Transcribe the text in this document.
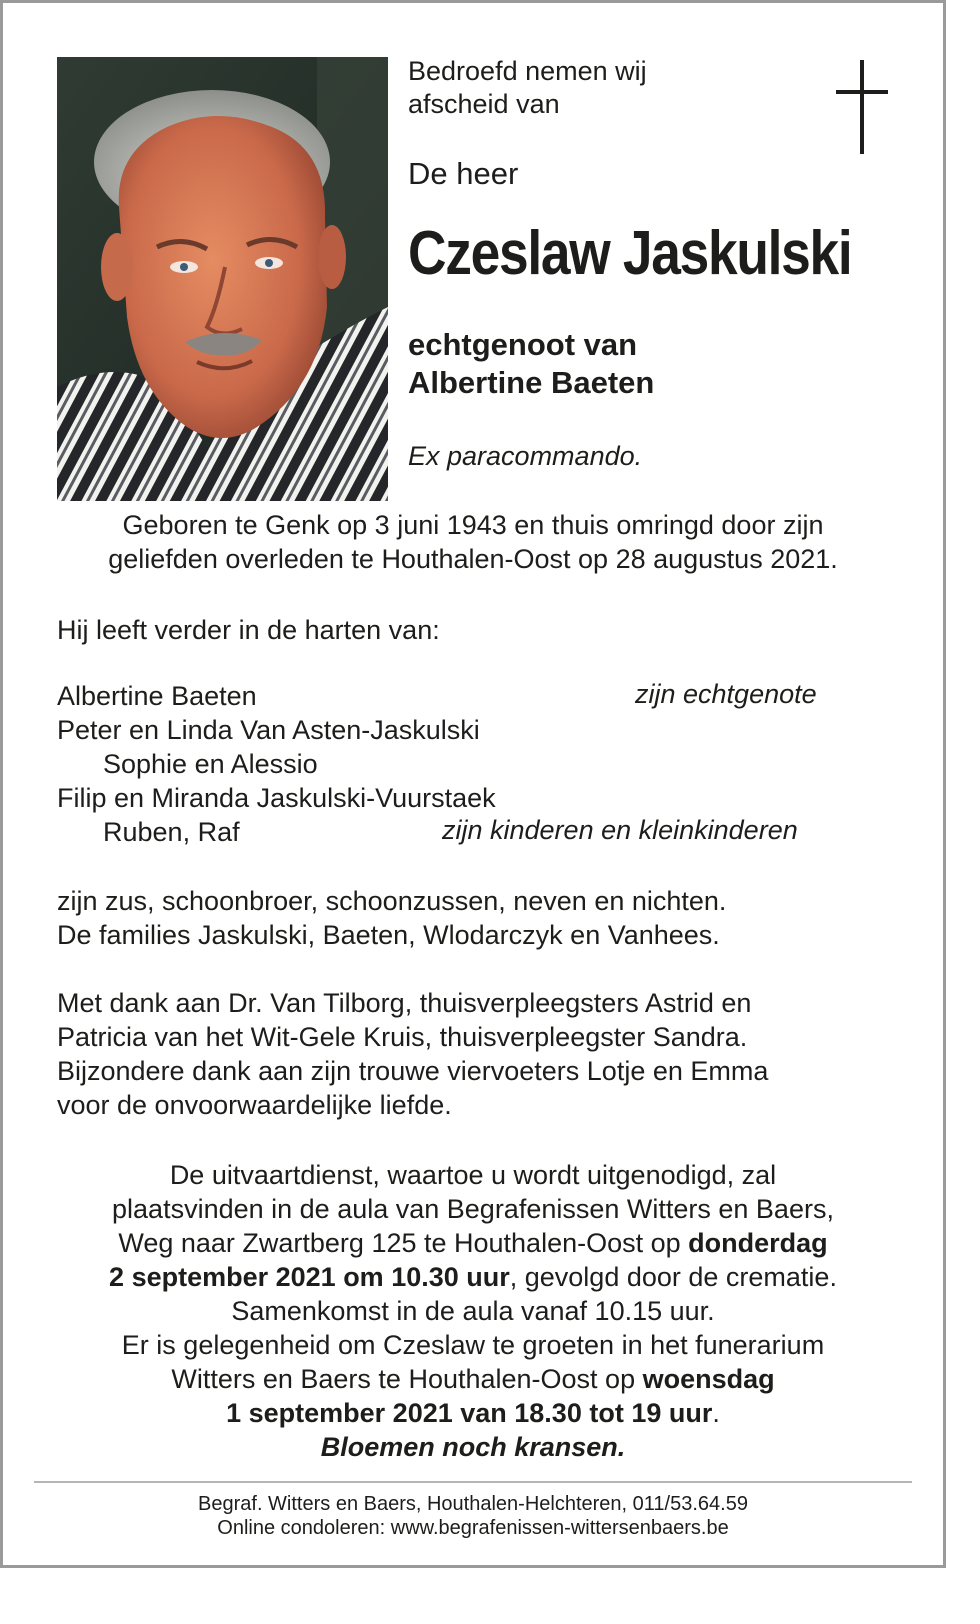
Bedroefd nemen wij
afscheid van
De heer
Czeslaw Jaskulski
echtgenoot van
Albertine Baeten
Ex paracommando.
Geboren te Genk op 3 juni 1943 en thuis omringd door zijn
geliefden overleden te Houthalen-Oost op 28 augustus 2021.
Hij leeft verder in de harten van:
Albertine Baeten
Peter en Linda Van Asten-Jaskulski
Sophie en Alessio
Filip en Miranda Jaskulski-Vuurstaek
Ruben, Raf
zijn echtgenote
zijn kinderen en kleinkinderen
zijn zus, schoonbroer, schoonzussen, neven en nichten.
De families Jaskulski, Baeten, Wlodarczyk en Vanhees.
Met dank aan Dr. Van Tilborg, thuisverpleegsters Astrid en
Patricia van het Wit-Gele Kruis, thuisverpleegster Sandra.
Bijzondere dank aan zijn trouwe viervoeters Lotje en Emma
voor de onvoorwaardelijke liefde.
De uitvaartdienst, waartoe u wordt uitgenodigd, zal
plaatsvinden in de aula van Begrafenissen Witters en Baers,
Weg naar Zwartberg 125 te Houthalen-Oost op donderdag
2 september 2021 om 10.30 uur, gevolgd door de crematie.
Samenkomst in de aula vanaf 10.15 uur.
Er is gelegenheid om Czeslaw te groeten in het funerarium
Witters en Baers te Houthalen-Oost op woensdag
1 september 2021 van 18.30 tot 19 uur.
Bloemen noch kransen.
Begraf. Witters en Baers, Houthalen-Helchteren, 011/53.64.59
Online condoleren: www.begrafenissen-wittersenbaers.be
